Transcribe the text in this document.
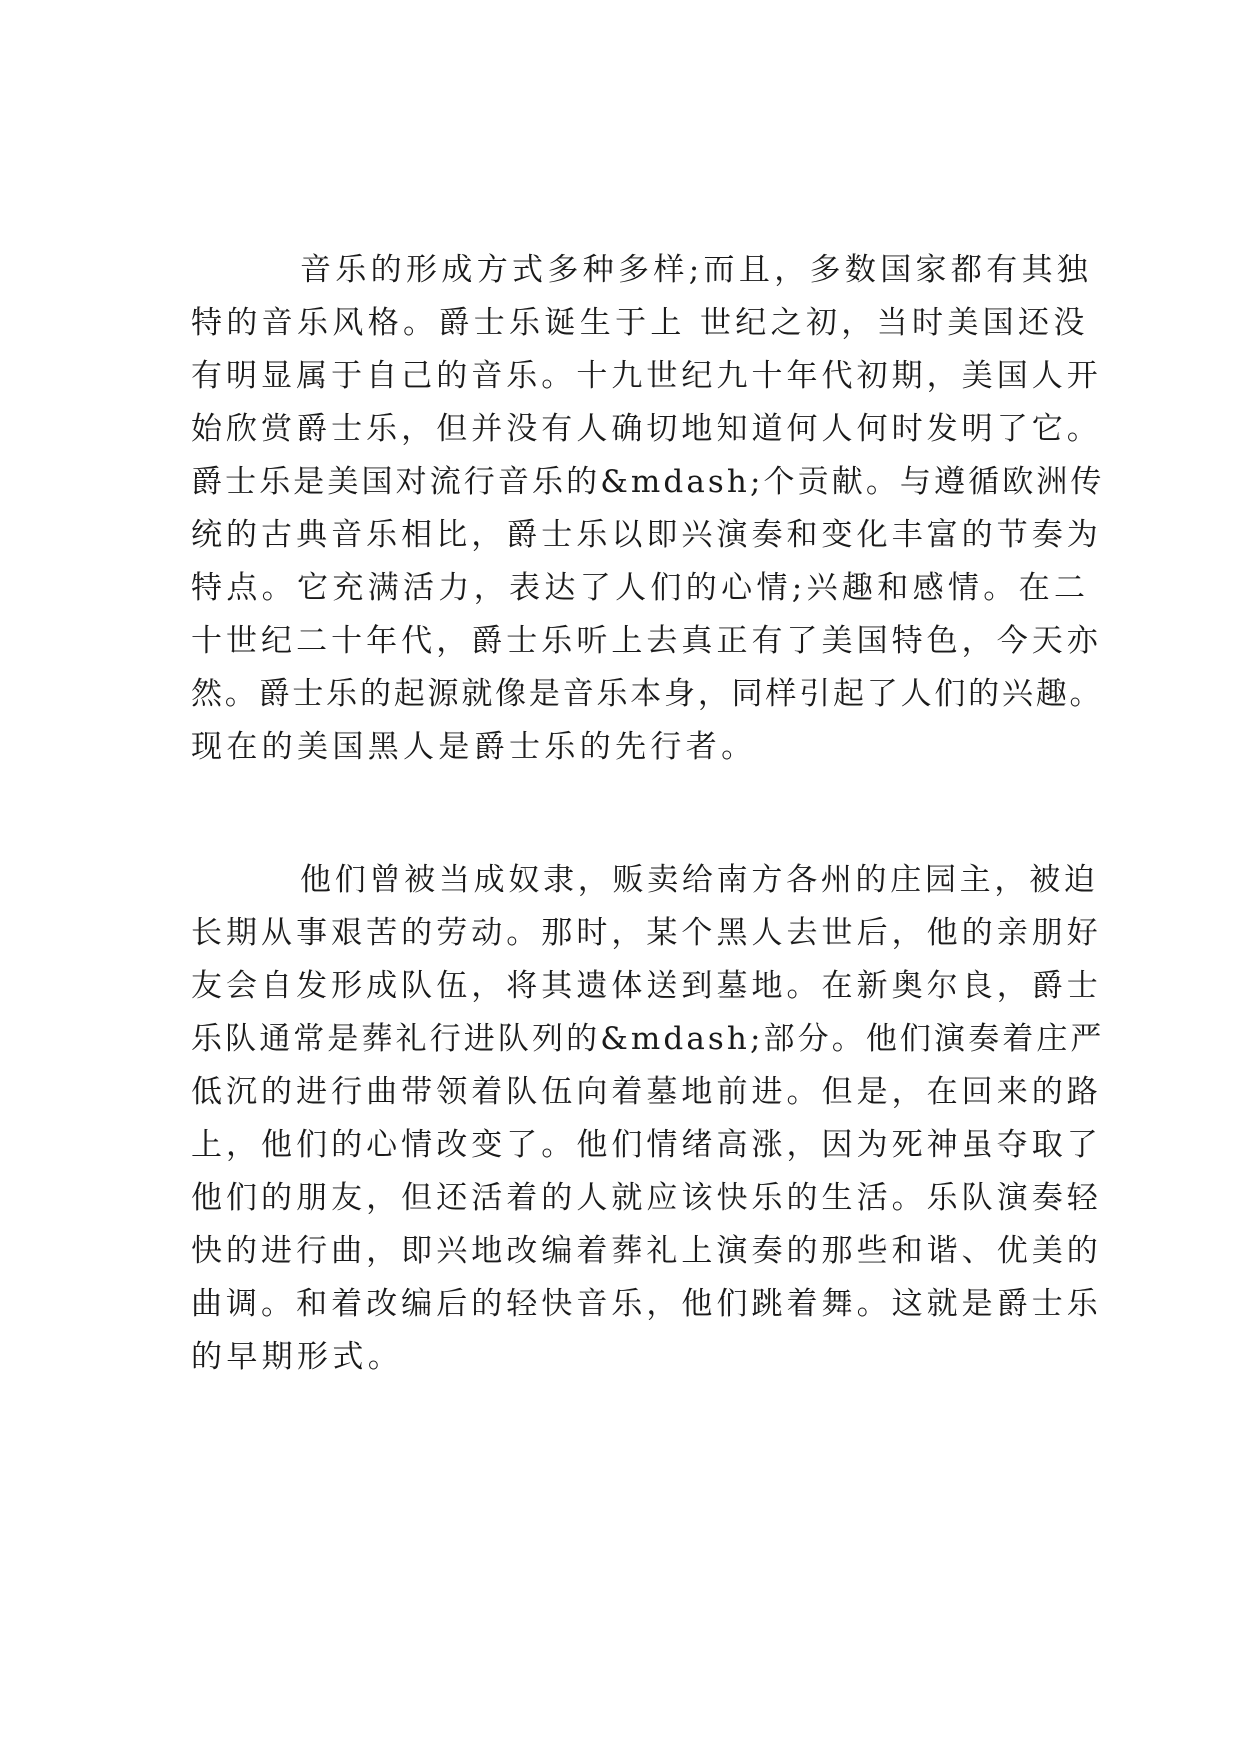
音乐的形成方式多种多样;而且，多数国家都有其独

特的音乐风格。爵士乐诞生于上 世纪之初，当时美国还没

有明显属于自己的音乐。十九世纪九十年代初期，美国人开

始欣赏爵士乐，但并没有人确切地知道何人何时发明了它。

爵士乐是美国对流行音乐的&mdash;个贡献。与遵循欧洲传

统的古典音乐相比，爵士乐以即兴演奏和变化丰富的节奏为

特点。它充满活力，表达了人们的心情;兴趣和感情。在二

十世纪二十年代，爵士乐听上去真正有了美国特色，今天亦

然。爵士乐的起源就像是音乐本身，同样引起了人们的兴趣。

现在的美国黑人是爵士乐的先行者。

他们曾被当成奴隶，贩卖给南方各州的庄园主，被迫

长期从事艰苦的劳动。那时，某个黑人去世后，他的亲朋好

友会自发形成队伍，将其遗体送到墓地。在新奥尔良，爵士

乐队通常是葬礼行进队列的&mdash;部分。他们演奏着庄严

低沉的进行曲带领着队伍向着墓地前进。但是，在回来的路

上，他们的心情改变了。他们情绪高涨，因为死神虽夺取了

他们的朋友，但还活着的人就应该快乐的生活。乐队演奏轻

快的进行曲，即兴地改编着葬礼上演奏的那些和谐、优美的

曲调。和着改编后的轻快音乐，他们跳着舞。这就是爵士乐

的早期形式。
